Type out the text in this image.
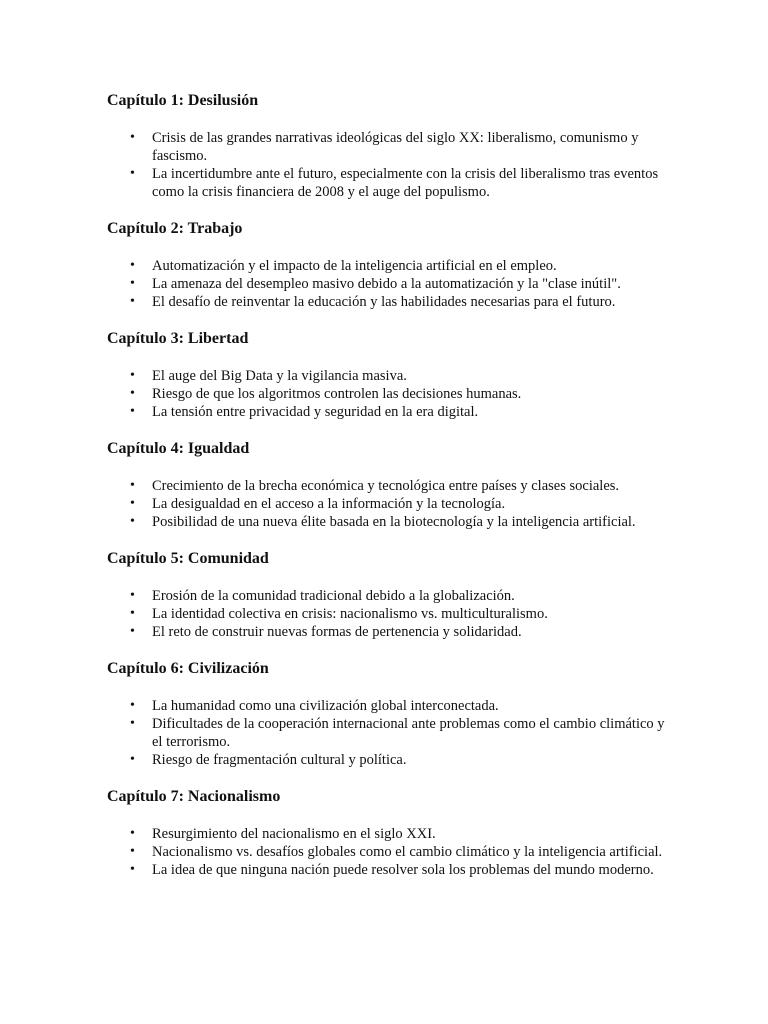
Capítulo 1: Desilusión
•	Crisis de las grandes narrativas ideológicas del siglo XX: liberalismo, comunismo y fascismo.
•	La incertidumbre ante el futuro, especialmente con la crisis del liberalismo tras eventos como la crisis financiera de 2008 y el auge del populismo.
Capítulo 2: Trabajo
•	Automatización y el impacto de la inteligencia artificial en el empleo.
•	La amenaza del desempleo masivo debido a la automatización y la "clase inútil".
•	El desafío de reinventar la educación y las habilidades necesarias para el futuro.
Capítulo 3: Libertad
•	El auge del Big Data y la vigilancia masiva.
•	Riesgo de que los algoritmos controlen las decisiones humanas.
•	La tensión entre privacidad y seguridad en la era digital.
Capítulo 4: Igualdad
•	Crecimiento de la brecha económica y tecnológica entre países y clases sociales.
•	La desigualdad en el acceso a la información y la tecnología.
•	Posibilidad de una nueva élite basada en la biotecnología y la inteligencia artificial.
Capítulo 5: Comunidad
•	Erosión de la comunidad tradicional debido a la globalización.
•	La identidad colectiva en crisis: nacionalismo vs. multiculturalismo.
•	El reto de construir nuevas formas de pertenencia y solidaridad.
Capítulo 6: Civilización
•	La humanidad como una civilización global interconectada.
•	Dificultades de la cooperación internacional ante problemas como el cambio climático y el terrorismo.
•	Riesgo de fragmentación cultural y política.
Capítulo 7: Nacionalismo
•	Resurgimiento del nacionalismo en el siglo XXI.
•	Nacionalismo vs. desafíos globales como el cambio climático y la inteligencia artificial.
•	La idea de que ninguna nación puede resolver sola los problemas del mundo moderno.
